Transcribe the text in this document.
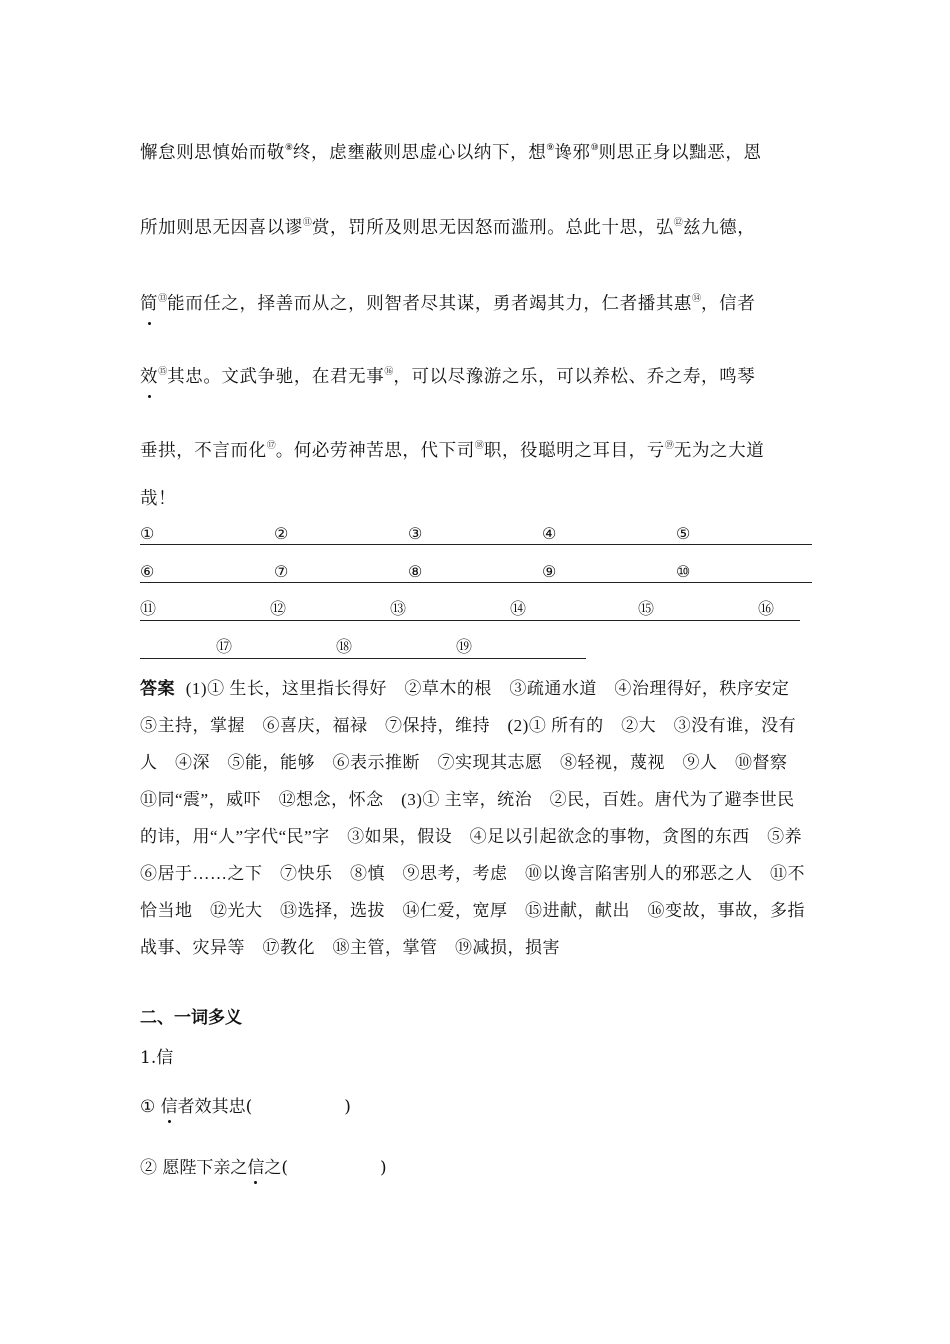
懈怠则思慎始而敬⑧终，虑壅蔽则思虚心以纳下，想⑨谗邪⑩则思正身以黜恶，恩
所加则思无因喜以谬⑪赏，罚所及则思无因怒而滥刑。总此十思，弘⑫兹九德，
简⑬能而任之，择善而从之，则智者尽其谋，勇者竭其力，仁者播其惠⑭，信者
效⑮其忠。文武争驰，在君无事⑯，可以尽豫游之乐，可以养松、乔之寿，鸣琴
垂拱，不言而化⑰。何必劳神苦思，代下司⑱职，役聪明之耳目，亏⑲无为之大道
哉！
①	②	③	④	⑤
⑥	⑦	⑧	⑨	⑩
⑪	⑫	⑬	⑭	⑮	⑯
⑰	⑱	⑲
答案 (1)① 生长，这里指长得好　②草木的根　③疏通水道　④治理得好，秩序安定　⑤主持，掌握　⑥喜庆，福禄　⑦保持，维持　(2)① 所有的　②大　③没有谁，没有人　④深　⑤能，能够　⑥表示推断　⑦实现其志愿　⑧轻视，蔑视　⑨人　⑩督察　⑪同“震”，威吓　⑫想念，怀念　(3)① 主宰，统治　②民，百姓。唐代为了避李世民的讳，用“人”字代“民”字　③如果，假设　④足以引起欲念的事物，贪图的东西　⑤养　⑥居于……之下　⑦快乐　⑧慎　⑨思考，考虑　⑩以谗言陷害别人的邪恶之人　⑪不恰当地　⑫光大　⑬选择，选拔　⑭仁爱，宽厚　⑮进献，献出　⑯变故，事故，多指战事、灾异等　⑰教化　⑱主管，掌管　⑲减损，损害
二、一词多义
1.信
① 信者效其忠(	)
② 愿陛下亲之信之(	)
